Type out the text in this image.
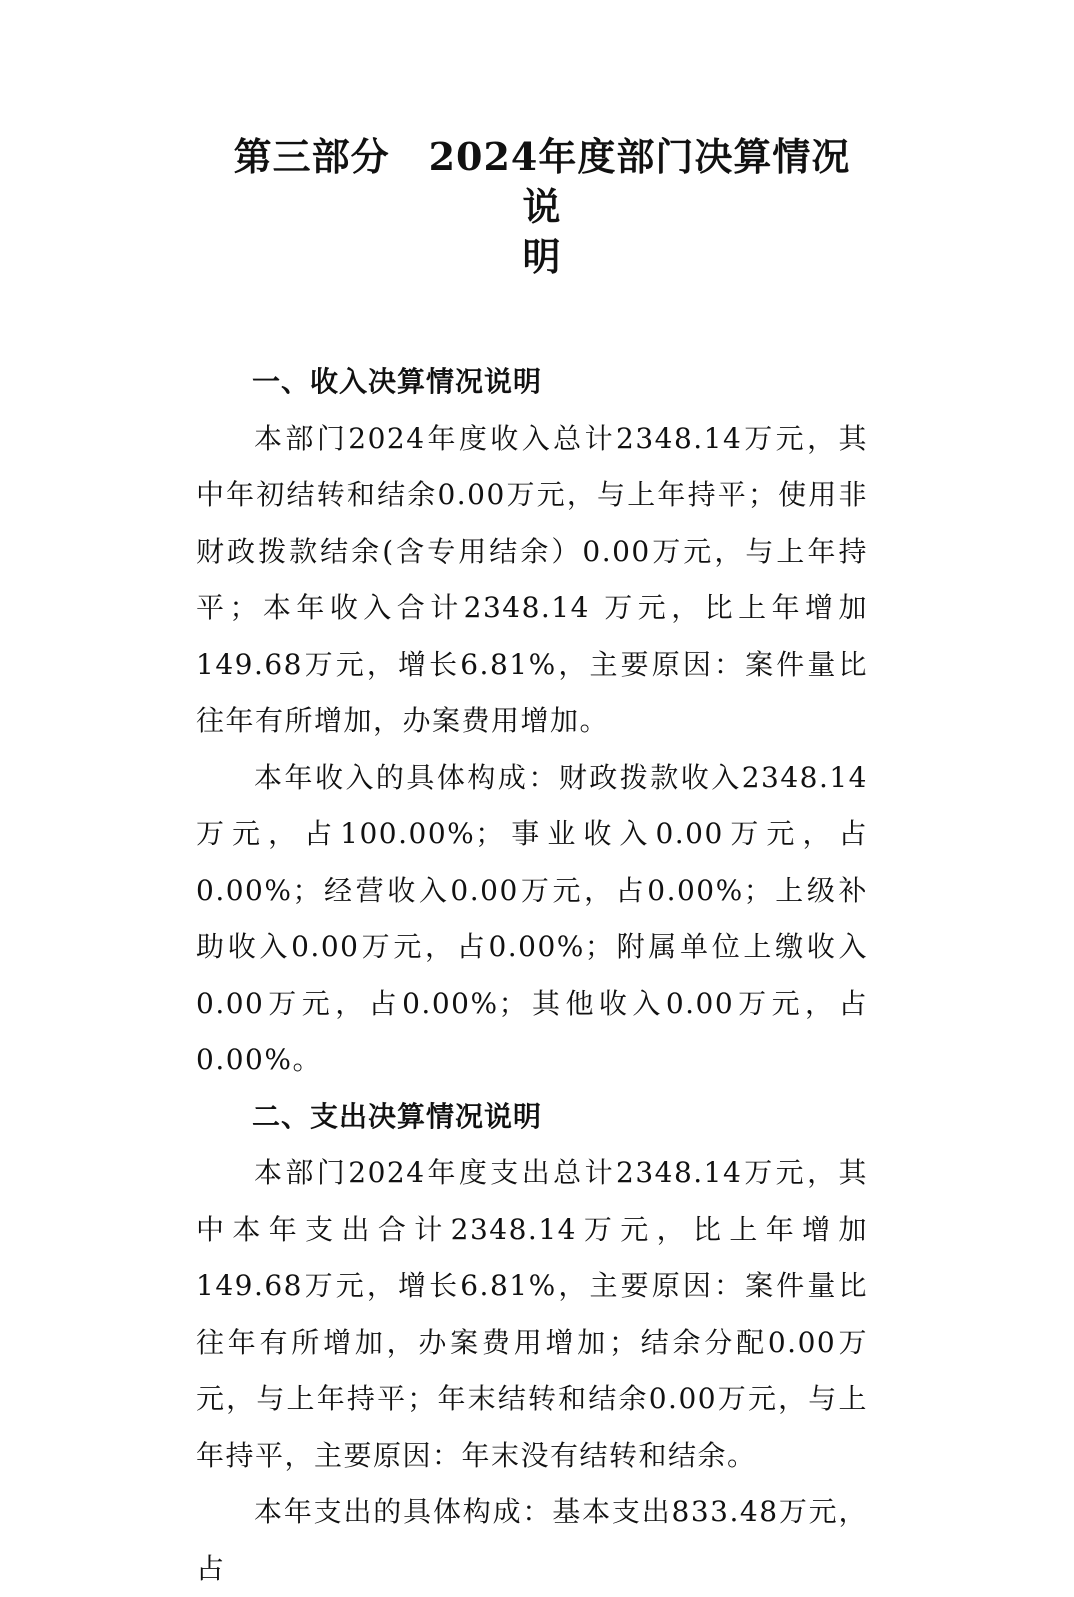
第三部分　2024年度部门决算情况说
明
一、收入决算情况说明

本部门2024年度收入总计2348.14万元，其中年初结转和结余0.00万元，与上年持平；使用非财政拨款结余(含专用结余）0.00万元，与上年持平；本年收入合计2348.14 万元，比上年增加149.68万元，增长6.81%，主要原因：案件量比往年有所增加，办案费用增加。

本年收入的具体构成：财政拨款收入2348.14万元，占100.00%；事业收入0.00万元，占0.00%；经营收入0.00万元，占0.00%；上级补助收入0.00万元，占0.00%；附属单位上缴收入0.00万元，占0.00%；其他收入0.00万元，占0.00%。

二、支出决算情况说明

本部门2024年度支出总计2348.14万元，其中本年支出合计2348.14万元，比上年增加149.68万元，增长6.81%，主要原因：案件量比往年有所增加，办案费用增加；结余分配0.00万元，与上年持平；年末结转和结余0.00万元，与上年持平，主要原因：年末没有结转和结余。

本年支出的具体构成：基本支出833.48万元，占
